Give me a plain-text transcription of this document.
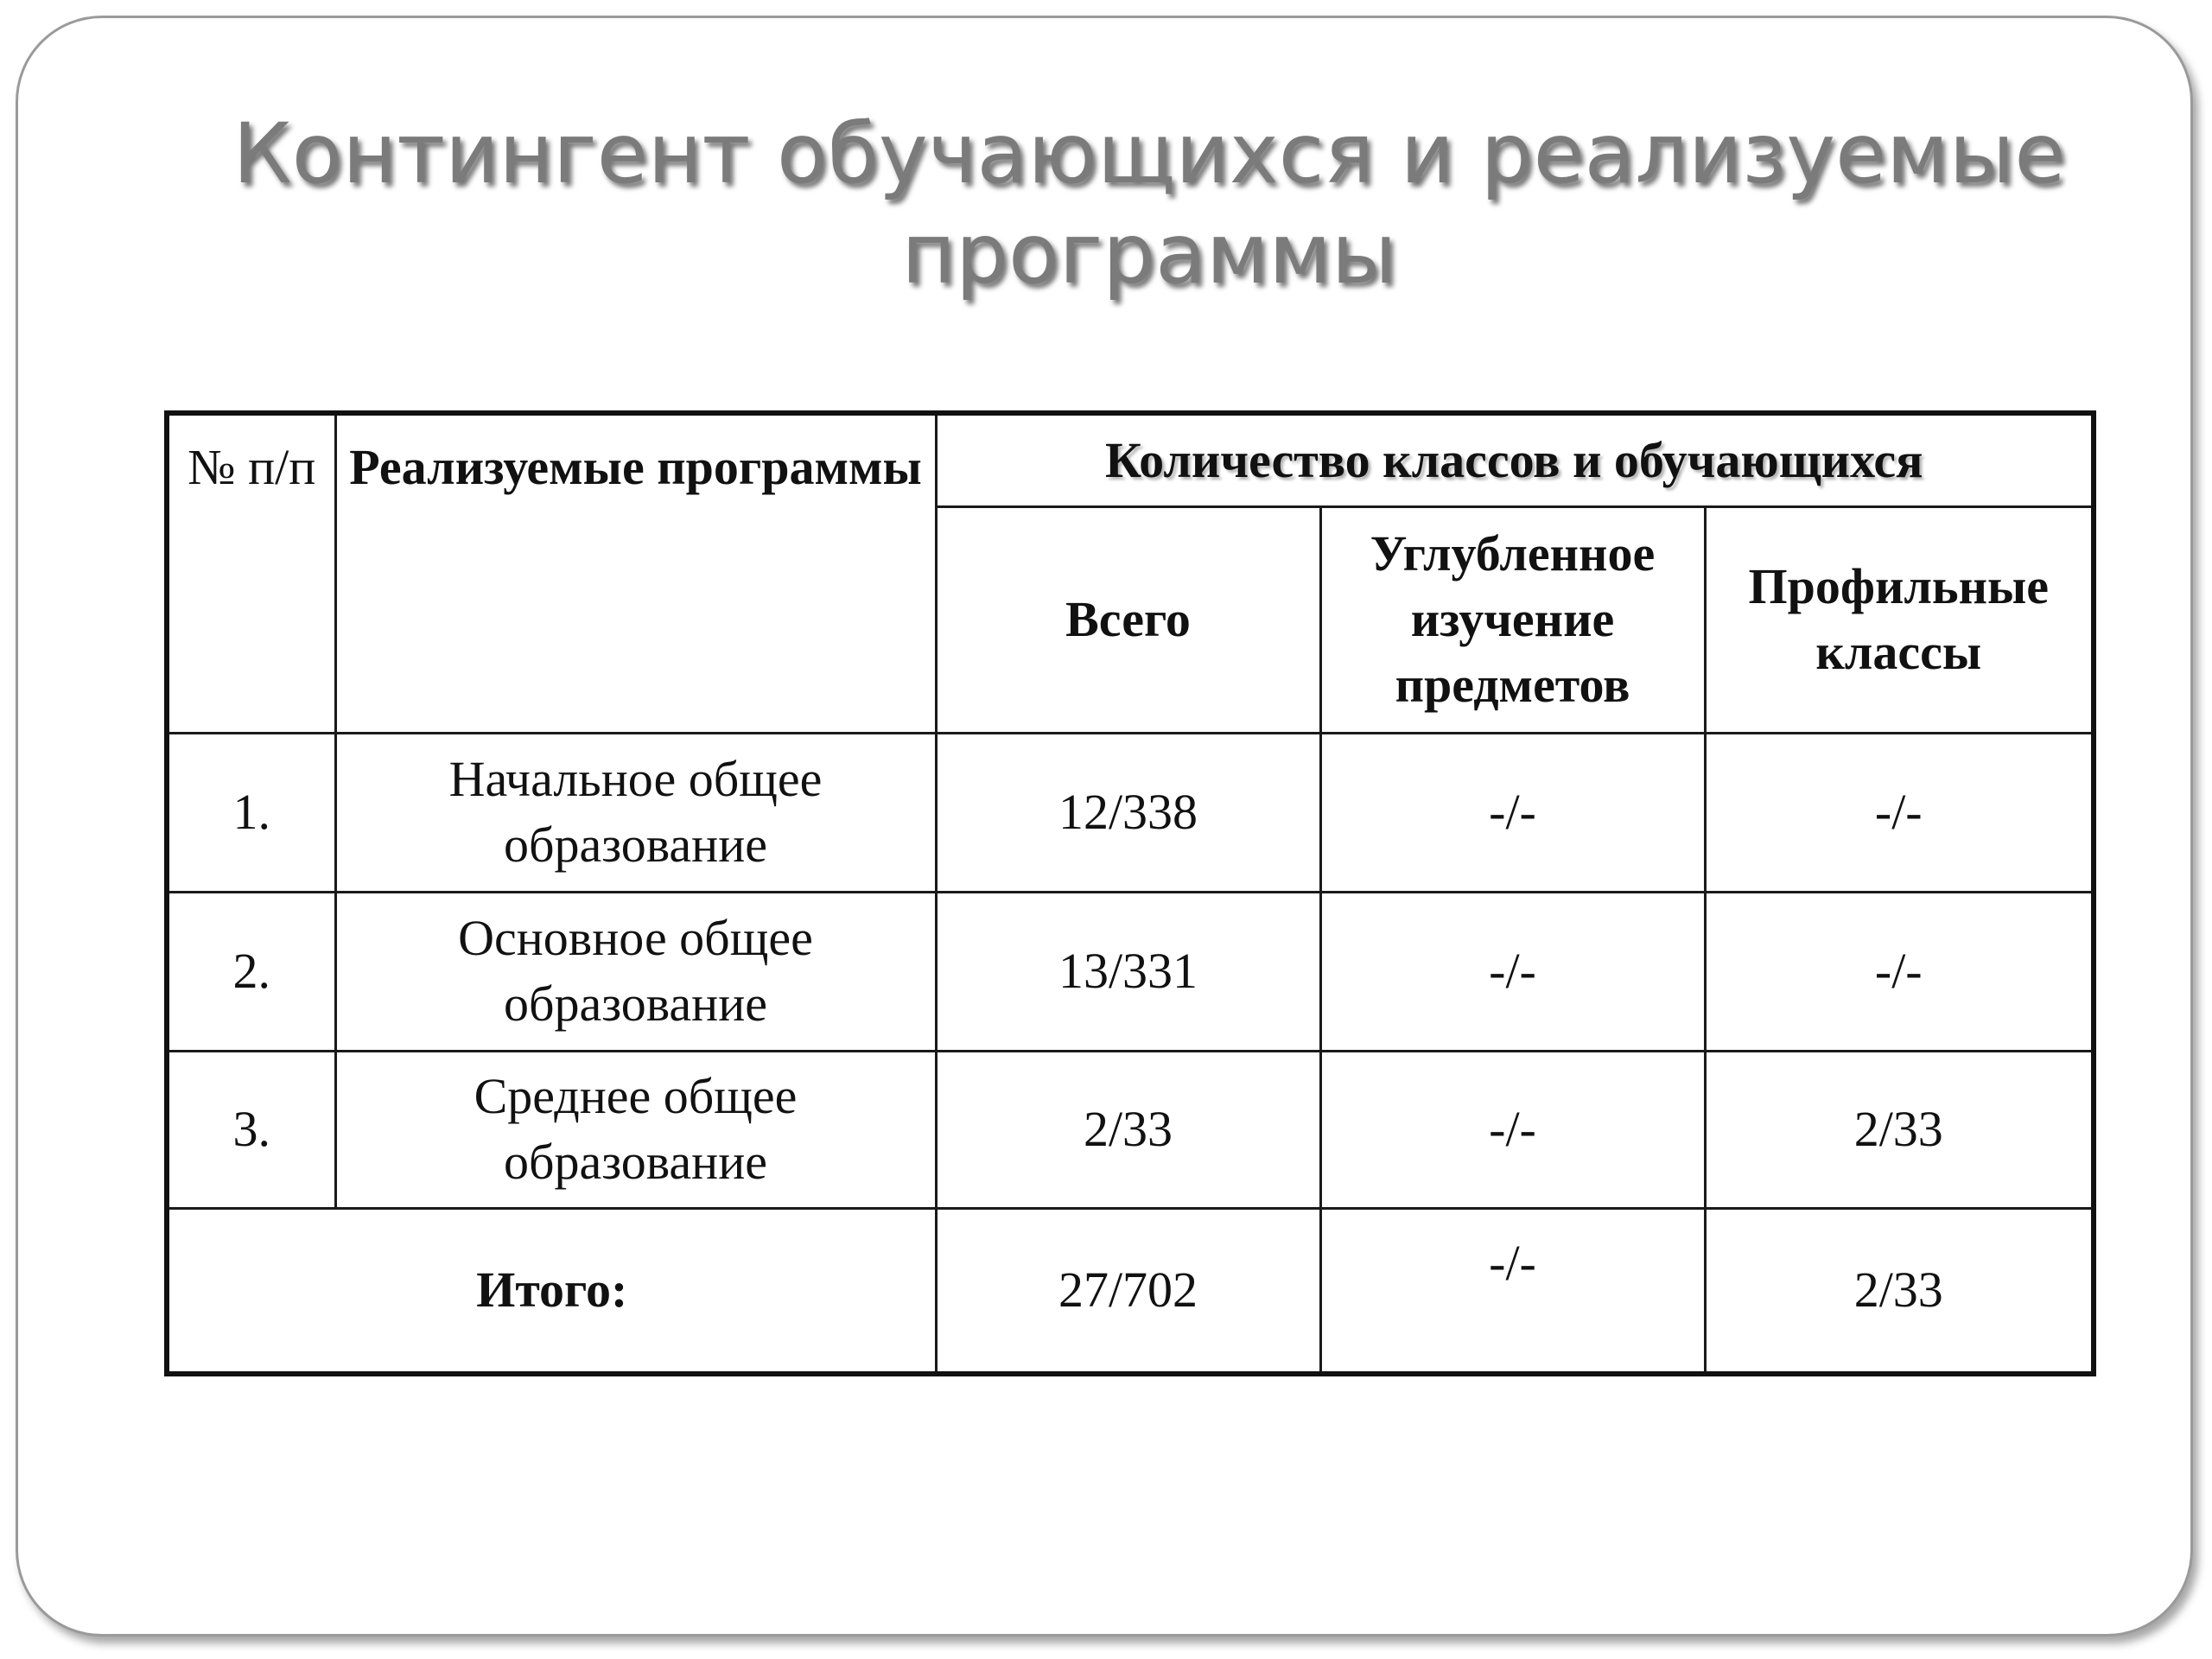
Контингент обучающихся и реализуемые программы
№ п/п	Реализуемые программы	Количество классов и обучающихся		
		Всего	Углубленное изучение предметов	Профильные классы
1.	Начальное общее образование	12/338	-/-	-/-
2.	Основное общее образование	13/331	-/-	-/-
3.	Среднее общее образование	2/33	-/-	2/33
Итого:		27/702	-/-	2/33
